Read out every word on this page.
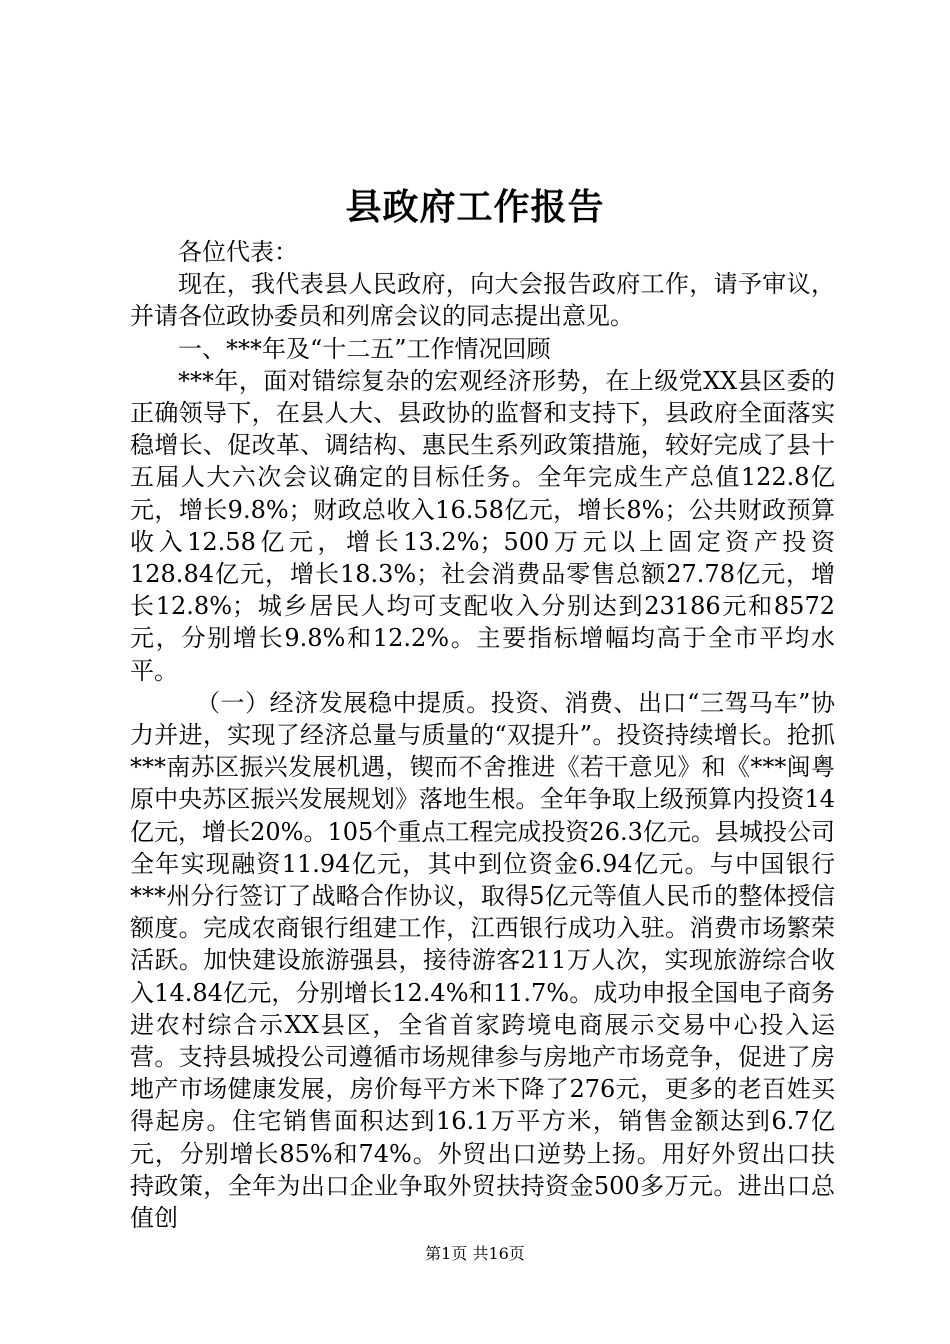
县政府工作报告

各位代表：

现在，我代表县人民政府，向大会报告政府工作，请予审议，并请各位政协委员和列席会议的同志提出意见。

一、***年及“十二五”工作情况回顾

***年，面对错综复杂的宏观经济形势，在上级党XX县区委的正确领导下，在县人大、县政协的监督和支持下，县政府全面落实稳增长、促改革、调结构、惠民生系列政策措施，较好完成了县十五届人大六次会议确定的目标任务。全年完成生产总值122.8亿元，增长9.8%；财政总收入16.58亿元，增长8%；公共财政预算收入12.58亿元，增长13.2%；500万元以上固定资产投资128.84亿元，增长18.3%；社会消费品零售总额27.78亿元，增长12.8%；城乡居民人均可支配收入分别达到23186元和8572元，分别增长9.8%和12.2%。主要指标增幅均高于全市平均水平。

（一）经济发展稳中提质。投资、消费、出口“三驾马车”协力并进，实现了经济总量与质量的“双提升”。投资持续增长。抢抓***南苏区振兴发展机遇，锲而不舍推进《若干意见》和《***闽粤原中央苏区振兴发展规划》落地生根。全年争取上级预算内投资14亿元，增长20%。105个重点工程完成投资26.3亿元。县城投公司全年实现融资11.94亿元，其中到位资金6.94亿元。与中国银行***州分行签订了战略合作协议，取得5亿元等值人民币的整体授信额度。完成农商银行组建工作，江西银行成功入驻。消费市场繁荣活跃。加快建设旅游强县，接待游客211万人次，实现旅游综合收入14.84亿元，分别增长12.4%和11.7%。成功申报全国电子商务进农村综合示XX县区，全省首家跨境电商展示交易中心投入运营。支持县城投公司遵循市场规律参与房地产市场竞争，促进了房地产市场健康发展，房价每平方米下降了276元，更多的老百姓买得起房。住宅销售面积达到16.1万平方米，销售金额达到6.7亿元，分别增长85%和74%。外贸出口逆势上扬。用好外贸出口扶持政策，全年为出口企业争取外贸扶持资金500多万元。进出口总值创

第1页 共16页
